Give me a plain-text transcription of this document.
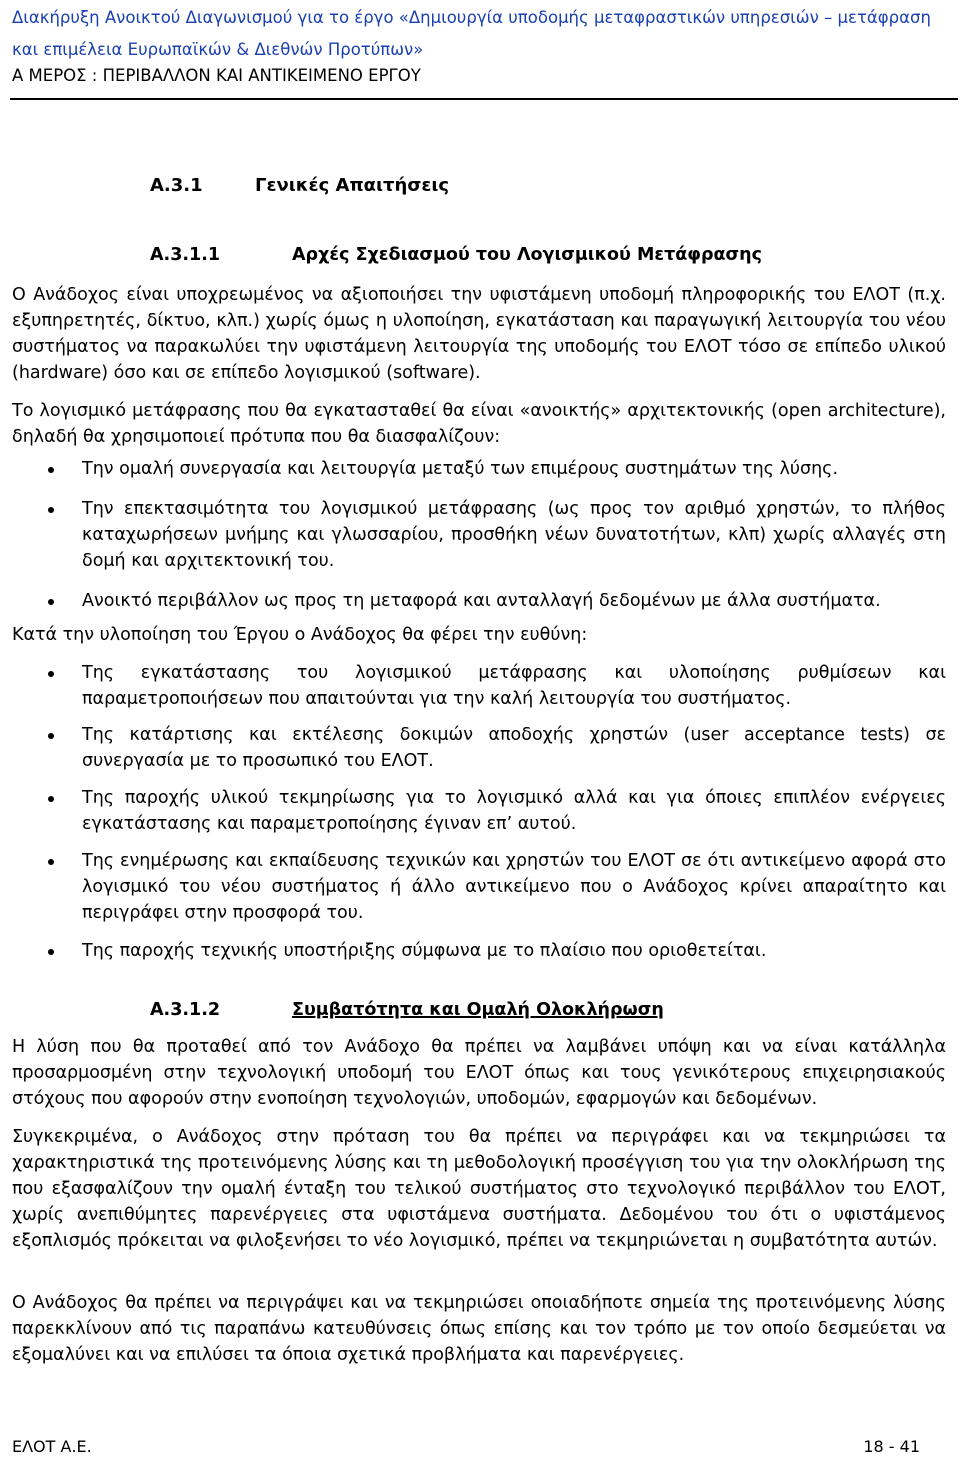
Διακήρυξη Ανοικτού Διαγωνισμού για το έργο «Δημιουργία υποδομής μεταφραστικών υπηρεσιών – μετάφραση και επιμέλεια Ευρωπαϊκών & Διεθνών Προτύπων»
Α ΜΕΡΟΣ : ΠΕΡΙΒΑΛΛΟΝ ΚΑΙ ΑΝΤΙΚΕΙΜΕΝΟ ΕΡΓΟΥ
Α.3.1	Γενικές Απαιτήσεις
Α.3.1.1	Αρχές Σχεδιασμού του Λογισμικού Μετάφρασης

Ο Ανάδοχος είναι υποχρεωμένος να αξιοποιήσει την υφιστάμενη υποδομή πληροφορικής του ΕΛΟΤ (π.χ. εξυπηρετητές, δίκτυο, κλπ.) χωρίς όμως η υλοποίηση, εγκατάσταση και παραγωγική λειτουργία του νέου συστήματος να παρακωλύει την υφιστάμενη λειτουργία της υποδομής του ΕΛΟΤ τόσο σε επίπεδο υλικού (hardware) όσο και σε επίπεδο λογισμικού (software).

Το λογισμικό μετάφρασης που θα εγκατασταθεί θα είναι «ανοικτής» αρχιτεκτονικής (open architecture), δηλαδή θα χρησιμοποιεί πρότυπα που θα διασφαλίζουν:

Την ομαλή συνεργασία και λειτουργία μεταξύ των επιμέρους συστημάτων της λύσης.
Την επεκτασιμότητα του λογισμικού μετάφρασης (ως προς τον αριθμό χρηστών, το πλήθος καταχωρήσεων μνήμης και γλωσσαρίου, προσθήκη νέων δυνατοτήτων, κλπ) χωρίς αλλαγές στη δομή και αρχιτεκτονική του.
Ανοικτό περιβάλλον ως προς τη μεταφορά και ανταλλαγή δεδομένων με άλλα συστήματα.

Κατά την υλοποίηση του Έργου ο Ανάδοχος θα φέρει την ευθύνη:

Της εγκατάστασης του λογισμικού μετάφρασης και υλοποίησης ρυθμίσεων και παραμετροποιήσεων που απαιτούνται για την καλή λειτουργία του συστήματος.
Της κατάρτισης και εκτέλεσης δοκιμών αποδοχής χρηστών (user acceptance tests) σε συνεργασία με το προσωπικό του ΕΛΟΤ.
Της παροχής υλικού τεκμηρίωσης για το λογισμικό αλλά και για όποιες επιπλέον ενέργειες εγκατάστασης και παραμετροποίησης έγιναν επ’ αυτού.
Της ενημέρωσης και εκπαίδευσης τεχνικών και χρηστών του ΕΛΟΤ σε ότι αντικείμενο αφορά στο λογισμικό του νέου συστήματος ή άλλο αντικείμενο που ο Ανάδοχος κρίνει απαραίτητο και περιγράφει στην προσφορά του.
Της παροχής τεχνικής υποστήριξης σύμφωνα με το πλαίσιο που οριοθετείται.
Α.3.1.2	Συμβατότητα και Ομαλή Ολοκλήρωση

Η λύση που θα προταθεί από τον Ανάδοχο θα πρέπει να λαμβάνει υπόψη και να είναι κατάλληλα προσαρμοσμένη στην τεχνολογική υποδομή του ΕΛΟΤ όπως και τους γενικότερους επιχειρησιακούς στόχους που αφορούν στην ενοποίηση τεχνολογιών, υποδομών, εφαρμογών και δεδομένων.

Συγκεκριμένα, ο Ανάδοχος στην πρόταση του θα πρέπει να περιγράφει και να τεκμηριώσει τα χαρακτηριστικά της προτεινόμενης λύσης και τη μεθοδολογική προσέγγιση του για την ολοκλήρωση της που εξασφαλίζουν την ομαλή ένταξη του τελικού συστήματος στο τεχνολογικό περιβάλλον του ΕΛΟΤ, χωρίς ανεπιθύμητες παρενέργειες στα υφιστάμενα συστήματα. Δεδομένου του ότι ο υφιστάμενος εξοπλισμός πρόκειται να φιλοξενήσει το νέο λογισμικό, πρέπει να τεκμηριώνεται η συμβατότητα αυτών.

Ο Ανάδοχος θα πρέπει να περιγράψει και να τεκμηριώσει οποιαδήποτε σημεία της προτεινόμενης λύσης παρεκκλίνουν από τις παραπάνω κατευθύνσεις όπως επίσης και τον τρόπο με τον οποίο δεσμεύεται να εξομαλύνει και να επιλύσει τα όποια σχετικά προβλήματα και παρενέργειες.

ΕΛΟΤ Α.Ε.	18 - 41
